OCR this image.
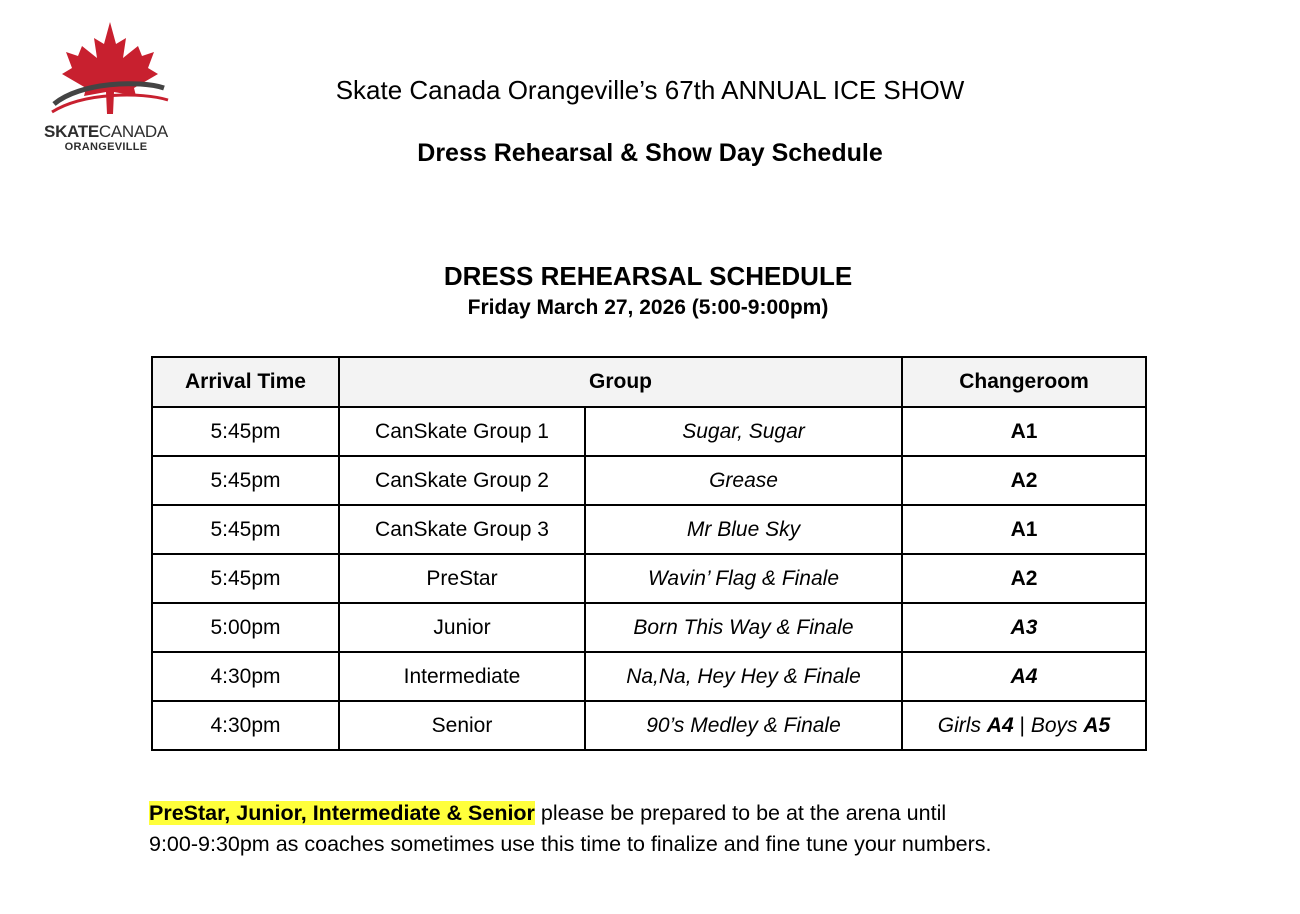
SKATECANADA
ORANGEVILLE
Skate Canada Orangeville’s 67th ANNUAL ICE SHOW
Dress Rehearsal & Show Day Schedule
DRESS REHEARSAL SCHEDULE
Friday March 27, 2026 (5:00-9:00pm)
Arrival Time	Group		Changeroom
5:45pm	CanSkate Group 1	Sugar, Sugar	A1
5:45pm	CanSkate Group 2	Grease	A2
5:45pm	CanSkate Group 3	Mr Blue Sky	A1
5:45pm	PreStar	Wavin’ Flag & Finale	A2
5:00pm	Junior	Born This Way & Finale	A3
4:30pm	Intermediate	Na,Na, Hey Hey & Finale	A4
4:30pm	Senior	90’s Medley & Finale	Girls A4 | Boys A5
PreStar, Junior, Intermediate & Senior please be prepared to be at the arena until
9:00-9:30pm as coaches sometimes use this time to finalize and fine tune your numbers.
